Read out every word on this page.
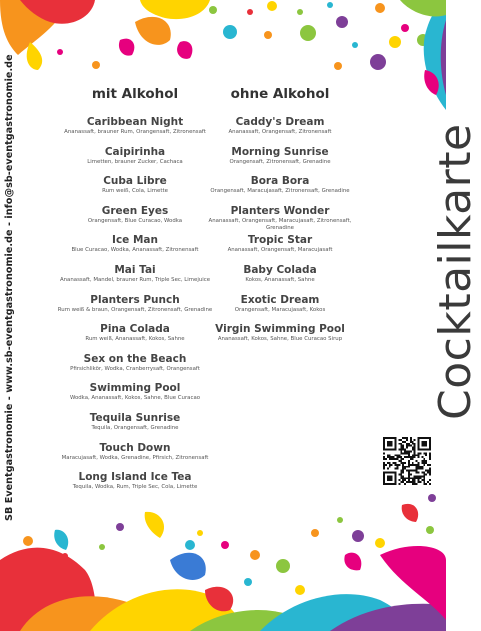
SB Eventgastronomie - www.sb-eventgastronomie.de - info@sb-eventgastronomie.de	Cocktailkarte
mit Alkohol
Caribbean Night
Ananassaft, brauner Rum, Orangensaft, Zitronensaft
Caipirinha
Limetten, brauner Zucker, Cachaca
Cuba Libre
Rum weiß, Cola, Limette
Green Eyes
Orangensaft, Blue Curacao, Wodka
Ice Man
Blue Curacao, Wodka, Ananassaft, Zitronensaft
Mai Tai
Ananassaft, Mandel, brauner Rum, Triple Sec, Limejuice
Planters Punch
Rum weiß & braun, Orangensaft, Zitronensaft, Grenadine
Pina Colada
Rum weiß, Ananassaft, Kokos, Sahne
Sex on the Beach
Pfirsichlikör, Wodka, Cranberrysaft, Orangensaft
Swimming Pool
Wodka, Ananassaft, Kokos, Sahne, Blue Curacao
Tequila Sunrise
Tequila, Orangensaft, Grenadine
Touch Down
Maracujasaft, Wodka, Grenadine, Pfirsich, Zitronensaft
Long Island Ice Tea
Tequila, Wodka, Rum, Triple Sec, Cola, Limette
ohne Alkohol
Caddy's Dream
Ananassaft, Orangensaft, Zitronensaft
Morning Sunrise
Orangensaft, Zitronensaft, Grenadine
Bora Bora
Orangensaft, Maracujasaft, Zitronensaft, Grenadine
Planters Wonder
Ananassaft, Orangensaft, Maracujasaft, Zitronensaft, Grenadine
Tropic Star
Ananassaft, Orangensaft, Maracujasaft
Baby Colada
Kokos, Ananassaft, Sahne
Exotic Dream
Orangensaft, Maracujasaft, Kokos
Virgin Swimming Pool
Ananassaft, Kokos, Sahne, Blue Curacao Sirup
